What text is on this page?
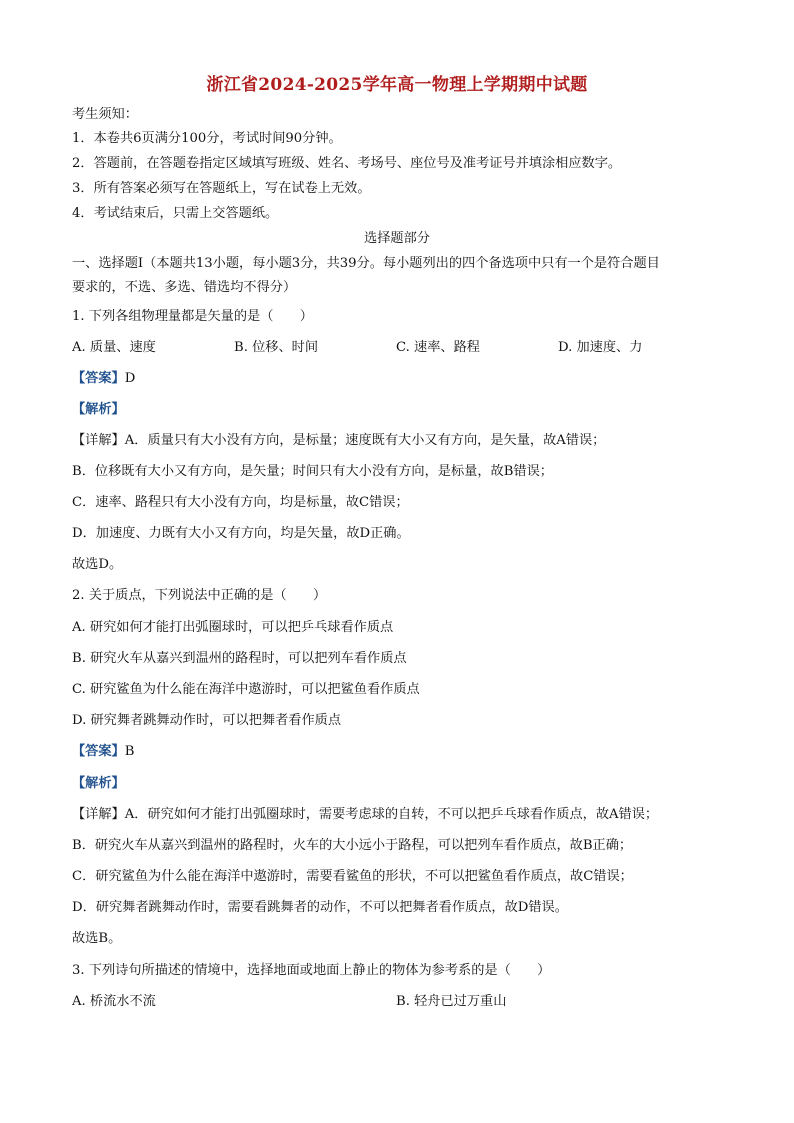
浙江省2024-2025学年高一物理上学期期中试题
考生须知：
1．本卷共6页满分100分，考试时间90分钟。
2．答题前，在答题卷指定区域填写班级、姓名、考场号、座位号及准考证号并填涂相应数字。
3．所有答案必须写在答题纸上，写在试卷上无效。
4．考试结束后，只需上交答题纸。
选择题部分
一、选择题Ⅰ（本题共13小题，每小题3分，共39分。每小题列出的四个备选项中只有一个是符合题目
要求的，不选、多选、错选均不得分）
1. 下列各组物理量都是矢量的是（　　）
A. 质量、速度	B. 位移、时间	C. 速率、路程	D. 加速度、力
【答案】D
【解析】
【详解】A．质量只有大小没有方向，是标量；速度既有大小又有方向，是矢量，故A错误；
B．位移既有大小又有方向，是矢量；时间只有大小没有方向，是标量，故B错误；
C．速率、路程只有大小没有方向，均是标量，故C错误；
D．加速度、力既有大小又有方向，均是矢量，故D正确。
故选D。
2. 关于质点，下列说法中正确的是（　　）
A. 研究如何才能打出弧圈球时，可以把乒乓球看作质点
B. 研究火车从嘉兴到温州的路程时，可以把列车看作质点
C. 研究鲨鱼为什么能在海洋中遨游时，可以把鲨鱼看作质点
D. 研究舞者跳舞动作时，可以把舞者看作质点
【答案】B
【解析】
【详解】A．研究如何才能打出弧圈球时，需要考虑球的自转，不可以把乒乓球看作质点，故A错误；
B．研究火车从嘉兴到温州的路程时，火车的大小远小于路程，可以把列车看作质点，故B正确；
C．研究鲨鱼为什么能在海洋中遨游时，需要看鲨鱼的形状，不可以把鲨鱼看作质点，故C错误；
D．研究舞者跳舞动作时，需要看跳舞者的动作，不可以把舞者看作质点，故D错误。
故选B。
3. 下列诗句所描述的情境中，选择地面或地面上静止的物体为参考系的是（　　）
A. 桥流水不流	B. 轻舟已过万重山
